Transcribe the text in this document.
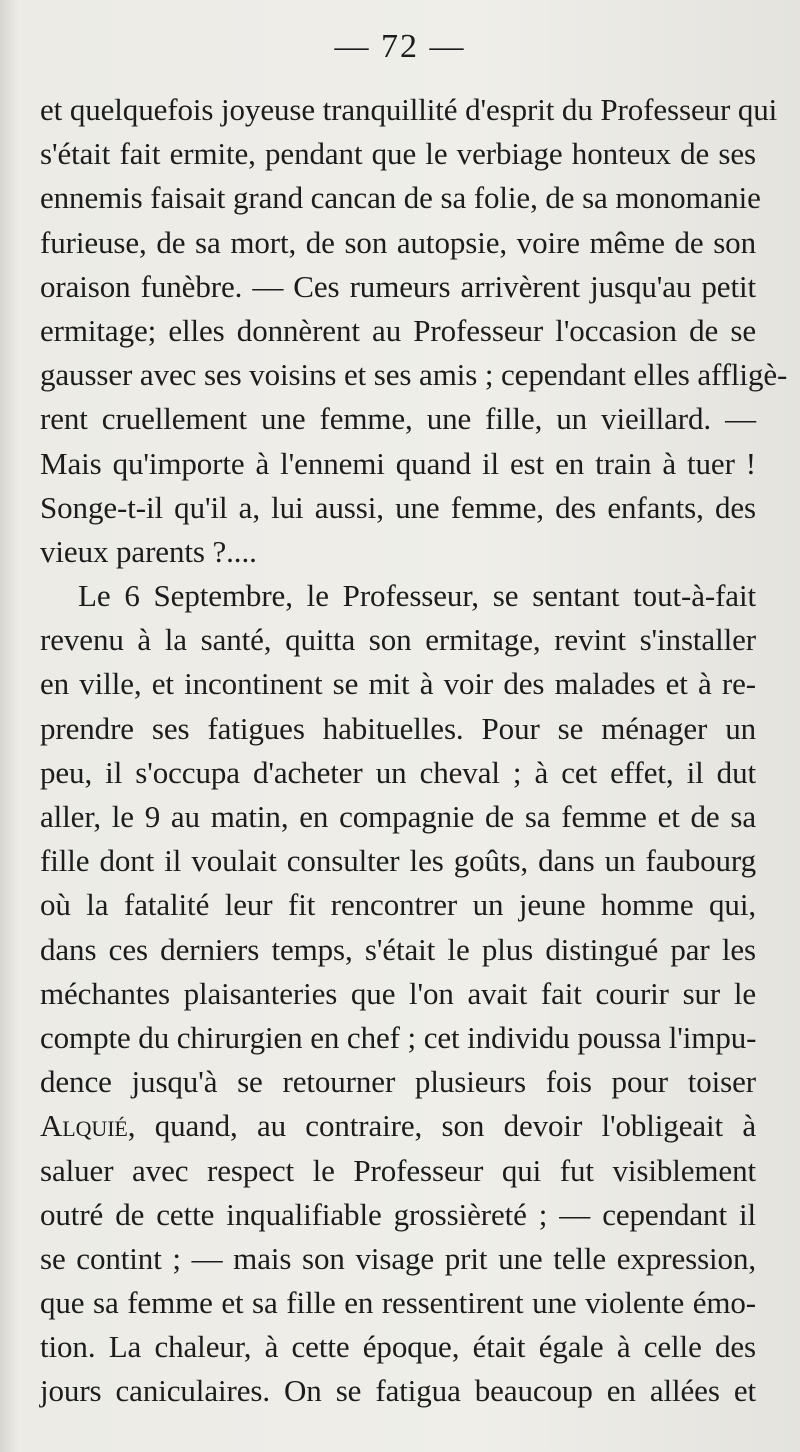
— 72 —
et quelquefois joyeuse tranquillité d'esprit du Professeur qui
s'était fait ermite, pendant que le verbiage honteux de ses
ennemis faisait grand cancan de sa folie, de sa monomanie
furieuse, de sa mort, de son autopsie, voire même de son
oraison funèbre. — Ces rumeurs arrivèrent jusqu'au petit
ermitage; elles donnèrent au Professeur l'occasion de se
gausser avec ses voisins et ses amis ; cependant elles affligè-
rent cruellement une femme, une fille, un vieillard. —
Mais qu'importe à l'ennemi quand il est en train à tuer !
Songe-t-il qu'il a, lui aussi, une femme, des enfants, des
vieux parents ?....
Le 6 Septembre, le Professeur, se sentant tout-à-fait
revenu à la santé, quitta son ermitage, revint s'installer
en ville, et incontinent se mit à voir des malades et à re-
prendre ses fatigues habituelles. Pour se ménager un
peu, il s'occupa d'acheter un cheval ; à cet effet, il dut
aller, le 9 au matin, en compagnie de sa femme et de sa
fille dont il voulait consulter les goûts, dans un faubourg
où la fatalité leur fit rencontrer un jeune homme qui,
dans ces derniers temps, s'était le plus distingué par les
méchantes plaisanteries que l'on avait fait courir sur le
compte du chirurgien en chef ; cet individu poussa l'impu-
dence jusqu'à se retourner plusieurs fois pour toiser
Alquié, quand, au contraire, son devoir l'obligeait à
saluer avec respect le Professeur qui fut visiblement
outré de cette inqualifiable grossièreté ; — cependant il
se contint ; — mais son visage prit une telle expression,
que sa femme et sa fille en ressentirent une violente émo-
tion. La chaleur, à cette époque, était égale à celle des
jours caniculaires. On se fatigua beaucoup en allées et
